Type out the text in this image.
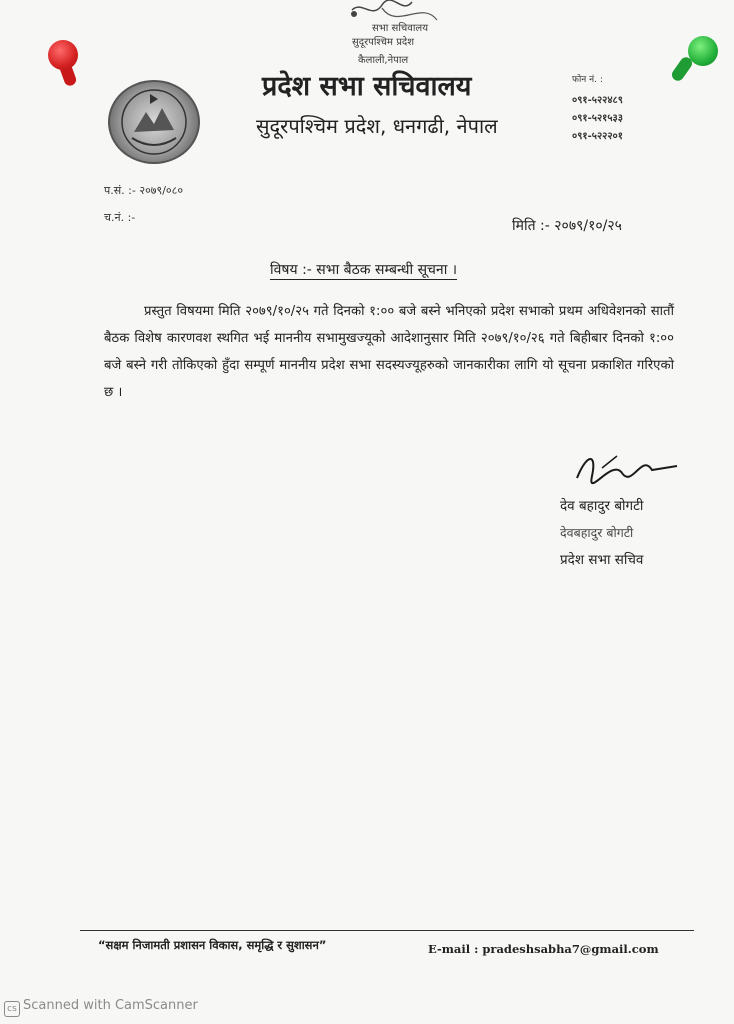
सभा सचिवालय
सुदूरपश्चिम प्रदेश
कैलाली,नेपाल
प्रदेश सभा सचिवालय
सुदूरपश्चिम प्रदेश, धनगढी, नेपाल
फोन नं. :
०९१-५२२४८९
०९१-५२१५३३
०९१-५२२२०१
प.सं. :- २०७९/०८०
च.नं. :-
मिति :- २०७९/१०/२५
विषय :- सभा बैठक सम्बन्धी सूचना ।
प्रस्तुत विषयमा मिति २०७९/१०/२५ गते दिनको १:०० बजे बस्ने भनिएको प्रदेश सभाको प्रथम अधिवेशनको सातौं बैठक विशेष कारणवश स्थगित भई माननीय सभामुखज्यूको आदेशानुसार मिति २०७९/१०/२६ गते बिहीबार दिनको १:०० बजे बस्ने गरी तोकिएको हुँदा सम्पूर्ण माननीय प्रदेश सभा सदस्यज्यूहरुको जानकारीका लागि यो सूचना प्रकाशित गरिएको छ ।
देव बहादुर बोगटी
देवबहादुर बोगटी
प्रदेश सभा सचिव
“सक्षम निजामती प्रशासन विकास, समृद्धि र सुशासन”	E-mail : pradeshsabha7@gmail.com
cs Scanned with CamScanner
